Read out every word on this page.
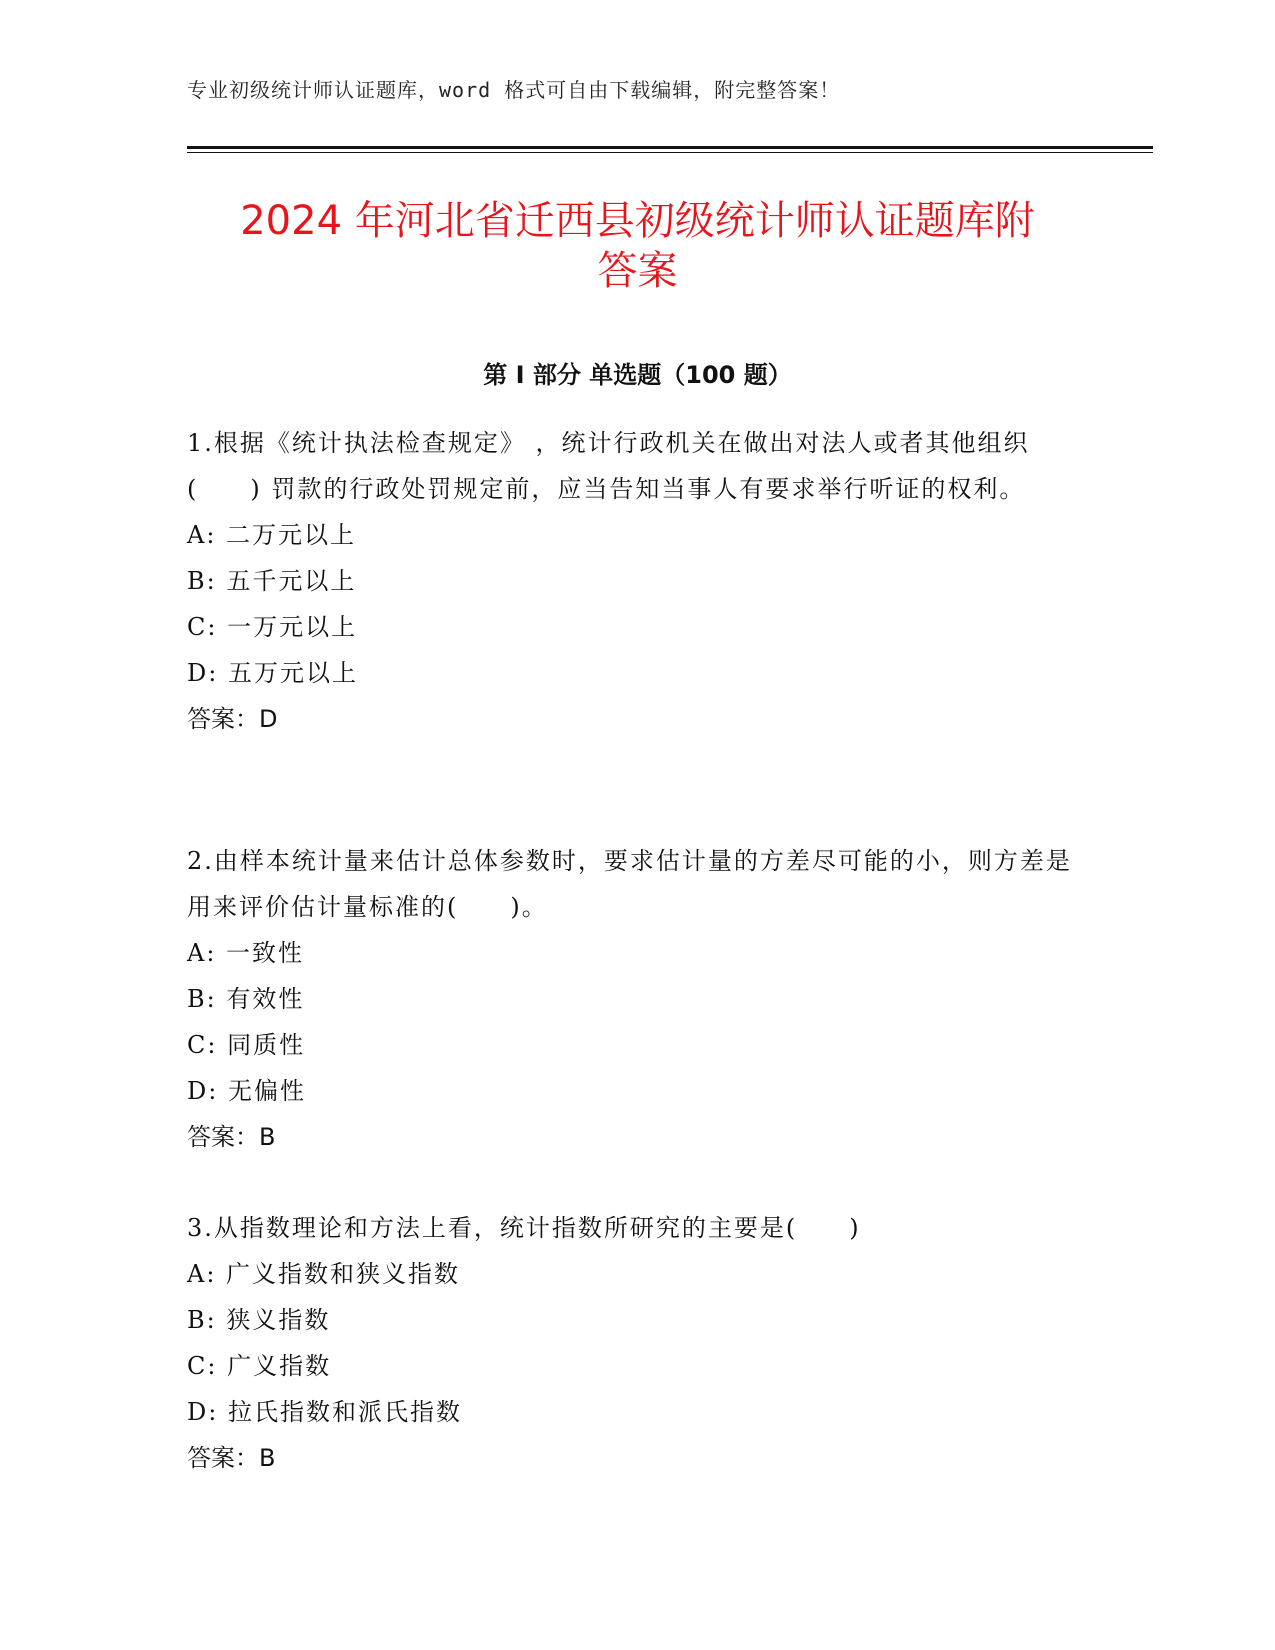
专业初级统计师认证题库，word 格式可自由下载编辑，附完整答案！
2024 年河北省迁西县初级统计师认证题库附
答案
第 I 部分 单选题（100 题）

1.根据《统计执法检查规定》 ，统计行政机关在做出对法人或者其他组织(　　) 罚款的行政处罚规定前，应当告知当事人有要求举行听证的权利。

A: 二万元以上
B: 五千元以上
C: 一万元以上
D: 五万元以上
答案：D

2.由样本统计量来估计总体参数时，要求估计量的方差尽可能的小，则方差是用来评价估计量标准的(　　)。

A: 一致性
B: 有效性
C: 同质性
D: 无偏性
答案：B

3.从指数理论和方法上看，统计指数所研究的主要是(　　)

A: 广义指数和狭义指数
B: 狭义指数
C: 广义指数
D: 拉氏指数和派氏指数
答案：B
